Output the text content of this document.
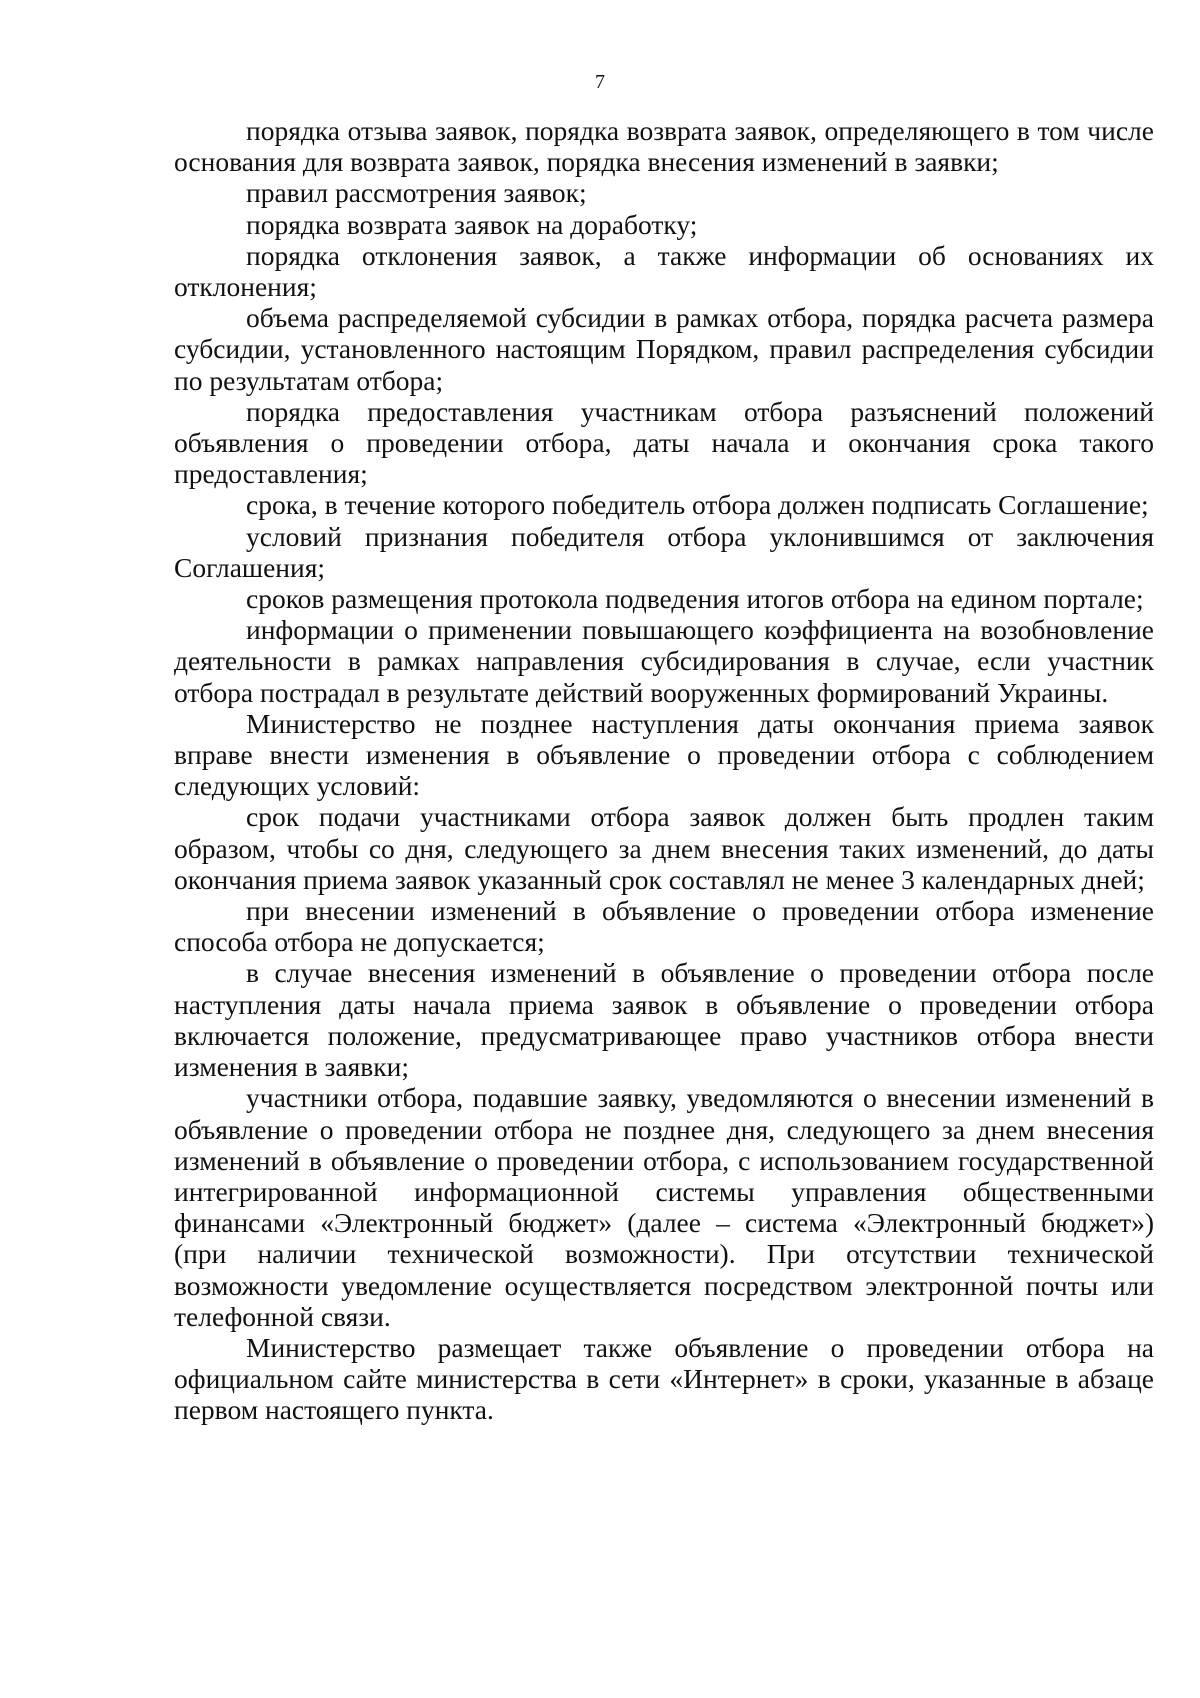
7

порядка отзыва заявок, порядка возврата заявок, определяющего в том числе основания для возврата заявок, порядка внесения изменений в заявки;

правил рассмотрения заявок;

порядка возврата заявок на доработку;

порядка отклонения заявок, а также информации об основаниях их отклонения;

объема распределяемой субсидии в рамках отбора, порядка расчета размера субсидии, установленного настоящим Порядком, правил распределения субсидии по результатам отбора;

порядка предоставления участникам отбора разъяснений положений объявления о проведении отбора, даты начала и окончания срока такого предоставления;

срока, в течение которого победитель отбора должен подписать Соглашение;

условий признания победителя отбора уклонившимся от заключения Соглашения;

сроков размещения протокола подведения итогов отбора на едином портале;

информации о применении повышающего коэффициента на возобновление деятельности в рамках направления субсидирования в случае, если участник отбора пострадал в результате действий вооруженных формирований Украины.

Министерство не позднее наступления даты окончания приема заявок вправе внести изменения в объявление о проведении отбора с соблюдением следующих условий:

срок подачи участниками отбора заявок должен быть продлен таким образом, чтобы со дня, следующего за днем внесения таких изменений, до даты окончания приема заявок указанный срок составлял не менее 3 календарных дней;

при внесении изменений в объявление о проведении отбора изменение способа отбора не допускается;

в случае внесения изменений в объявление о проведении отбора после наступления даты начала приема заявок в объявление о проведении отбора включается положение, предусматривающее право участников отбора внести изменения в заявки;

участники отбора, подавшие заявку, уведомляются о внесении изменений в объявление о проведении отбора не позднее дня, следующего за днем внесения изменений в объявление о проведении отбора, с использованием государственной интегрированной информационной системы управления общественными финансами «Электронный бюджет» (далее – система «Электронный бюджет») (при наличии технической возможности). При отсутствии технической возможности уведомление осуществляется посредством электронной почты или телефонной связи.

Министерство размещает также объявление о проведении отбора на официальном сайте министерства в сети «Интернет» в сроки, указанные в абзаце первом настоящего пункта.
